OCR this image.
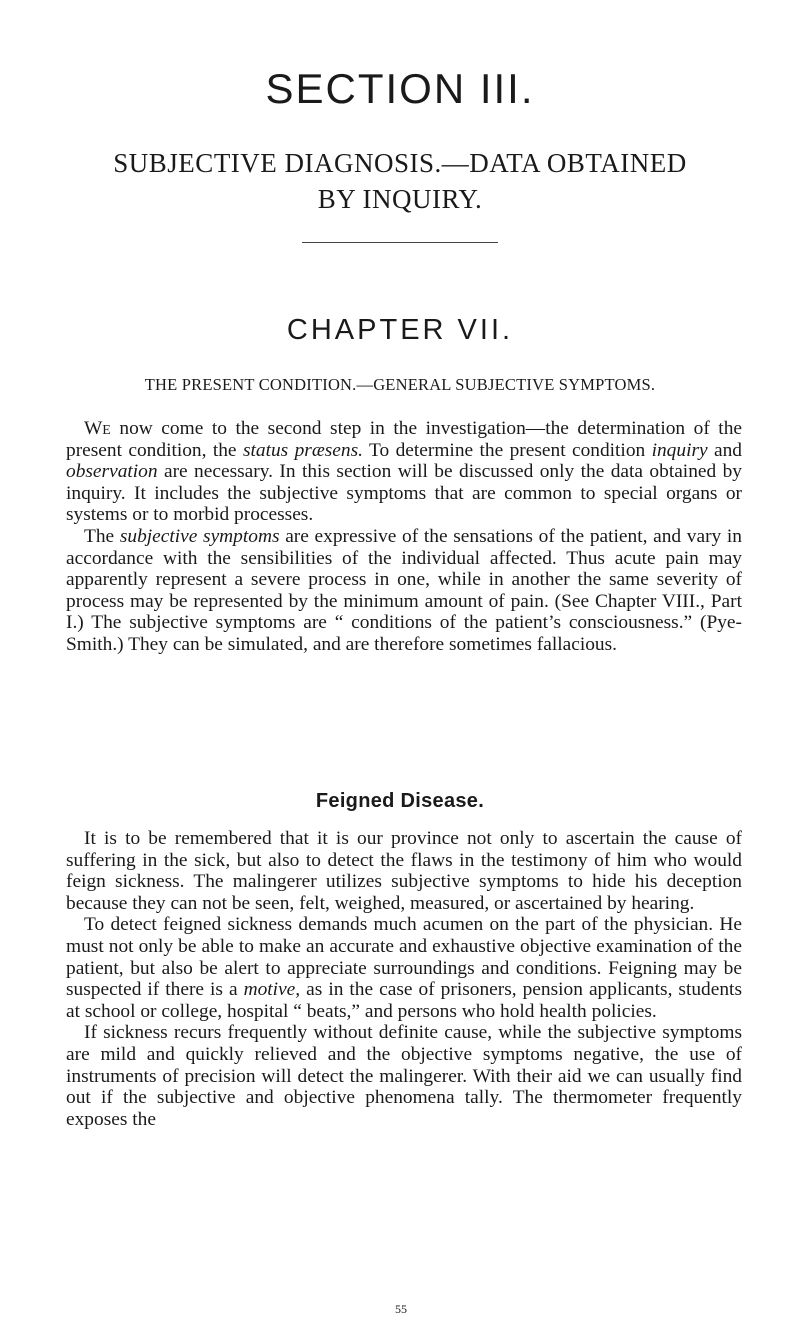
SECTION III.
SUBJECTIVE DIAGNOSIS.—DATA OBTAINED
BY INQUIRY.
CHAPTER VII.
THE PRESENT CONDITION.—GENERAL SUBJECTIVE SYMPTOMS.

We now come to the second step in the investigation—the determination of the present condition, the status præsens. To determine the present condition inquiry and observation are necessary. In this section will be discussed only the data obtained by inquiry. It includes the subjective symptoms that are common to special organs or systems or to morbid processes.

The subjective symptoms are expressive of the sensations of the patient, and vary in accordance with the sensibilities of the individual affected. Thus acute pain may apparently represent a severe process in one, while in another the same severity of process may be represented by the minimum amount of pain. (See Chapter VIII., Part I.) The subjective symptoms are “ conditions of the patient’s consciousness.” (Pye-Smith.) They can be simulated, and are therefore sometimes fallacious.

Feigned Disease.

It is to be remembered that it is our province not only to ascertain the cause of suffering in the sick, but also to detect the flaws in the testimony of him who would feign sickness. The malingerer utilizes subjective symptoms to hide his deception because they can not be seen, felt, weighed, measured, or ascertained by hearing.

To detect feigned sickness demands much acumen on the part of the physician. He must not only be able to make an accurate and exhaustive objective examination of the patient, but also be alert to appreciate surroundings and conditions. Feigning may be suspected if there is a motive, as in the case of prisoners, pension applicants, students at school or college, hospital “ beats,” and persons who hold health policies.

If sickness recurs frequently without definite cause, while the subjective symptoms are mild and quickly relieved and the objective symptoms negative, the use of instruments of precision will detect the malingerer. With their aid we can usually find out if the subjective and objective phenomena tally. The thermometer frequently exposes the

55
